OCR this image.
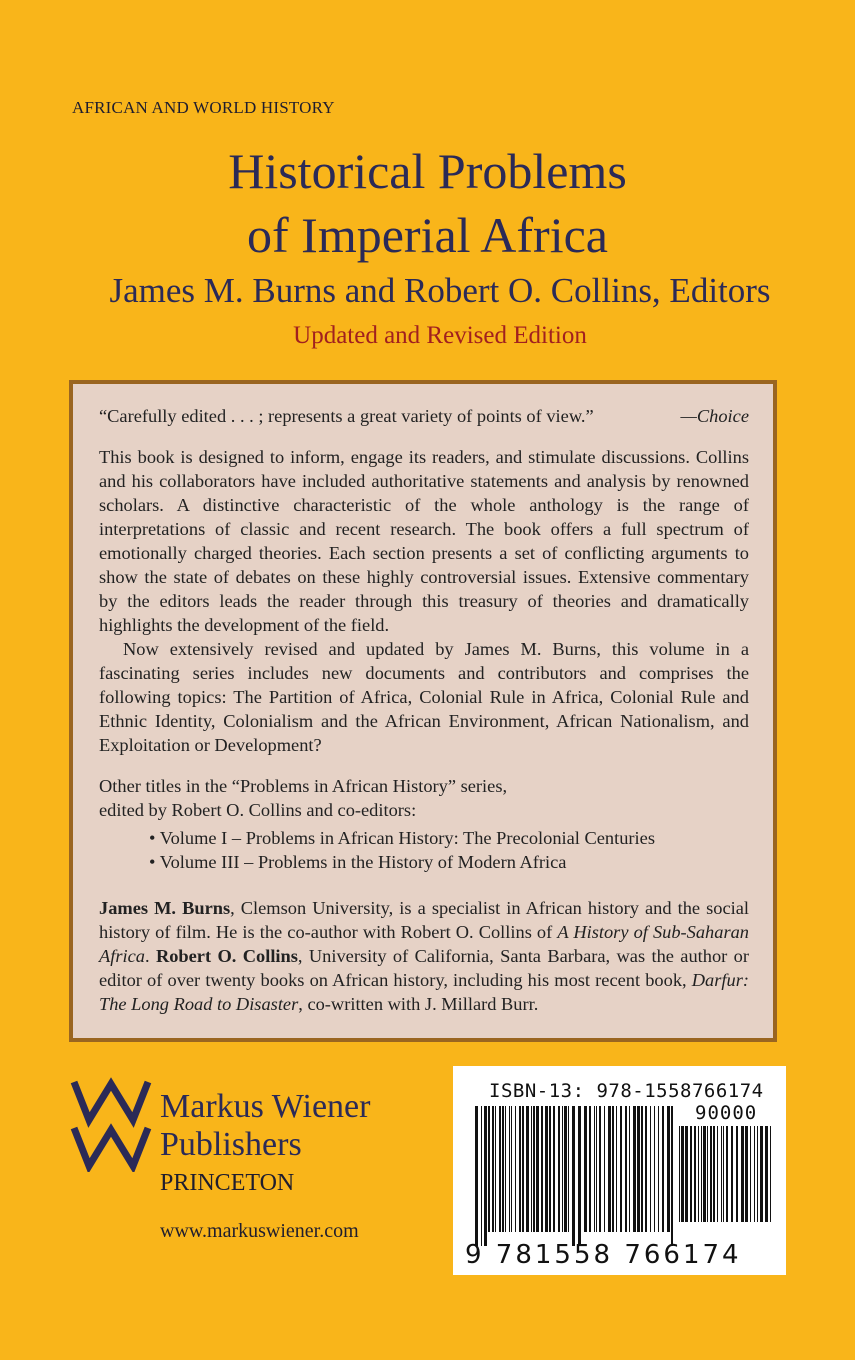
AFRICAN AND WORLD HISTORY
Historical Problems
of Imperial Africa
James M. Burns and Robert O. Collins, Editors
Updated and Revised Edition
“Carefully edited . . . ; represents a great variety of points of view.”	—Choice
This book is designed to inform, engage its readers, and stimulate discussions. Collins and his collaborators have included authoritative statements and analysis by renowned scholars. A distinctive characteristic of the whole anthology is the range of interpretations of classic and recent research. The book offers a full spectrum of emotionally charged theories. Each section presents a set of conflicting arguments to show the state of debates on these highly controversial issues. Extensive commentary by the editors leads the reader through this treasury of theories and dramatically highlights the development of the field.
Now extensively revised and updated by James M. Burns, this volume in a fascinating series includes new documents and contributors and comprises the following topics: The Partition of Africa, Colonial Rule in Africa, Colonial Rule and Ethnic Identity, Colonialism and the African Environment, African Nationalism, and Exploitation or Development?
Other titles in the “Problems in African History” series,
edited by Robert O. Collins and co-editors:
• Volume I – Problems in African History: The Precolonial Centuries
• Volume III – Problems in the History of Modern Africa
James M. Burns, Clemson University, is a specialist in African history and the social history of film. He is the co-author with Robert O. Collins of A History of Sub-Saharan Africa. Robert O. Collins, University of California, Santa Barbara, was the author or editor of over twenty books on African history, including his most recent book, Darfur: The Long Road to Disaster, co-written with J. Millard Burr.
Markus Wiener
Publishers
PRINCETON
www.markuswiener.com
ISBN-13: 978-1558766174
90000
9 781558 766174
